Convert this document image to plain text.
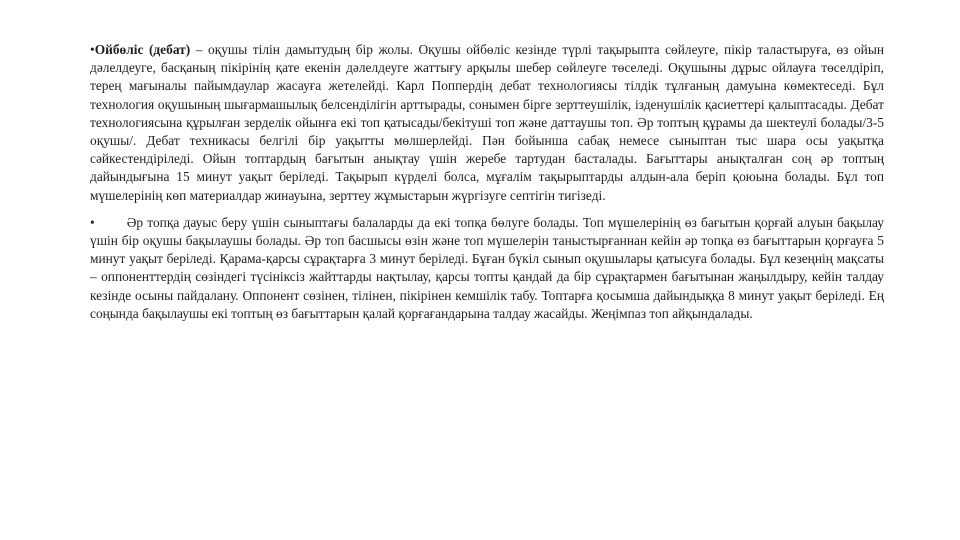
•Ойбөліс (дебат) – оқушы тілін дамытудың бір жолы. Оқушы ойбөліс кезінде түрлі тақырыпта сөйлеуге, пікір таластыруға, өз ойын дәлелдеуге, басқаның пікірінің қате екенін дәлелдеуге жаттығу арқылы шебер сөйлеуге төселеді. Оқушыны дұрыс ойлауға төселдіріп, терең мағыналы пайымдаулар жасауға жетелейді. Карл Поппердің дебат технологиясы тілдік тұлғаның дамуына көмектеседі. Бұл технология оқушының шығармашылық белсенділігін арттырады, сонымен бірге зерттеушілік, ізденушілік қасиеттері қалыптасады. Дебат технологиясына құрылған зерделік ойынға екі топ қатысады/бекітуші топ және даттаушы топ. Әр топтың құрамы да шектеулі болады/3-5 оқушы/. Дебат техникасы белгілі бір уақытты мөлшерлейді. Пән бойынша сабақ немесе сыныптан тыс шара осы уақытқа сәйкестендіріледі. Ойын топтардың бағытын анықтау үшін жеребе тартудан басталады. Бағыттары анықталған соң әр топтың дайындығына 15 минут уақыт беріледі. Тақырып күрделі болса, мұғалім тақырыптарды алдын-ала беріп қоюына болады. Бұл топ мүшелерінің көп материалдар жинауына, зерттеу жұмыстарын жүргізуге септігін тигізеді.

• Әр топқа дауыс беру үшін сыныптағы балаларды да екі топқа бөлуге болады. Топ мүшелерінің өз бағытын қорғай алуын бақылау үшін бір оқушы бақылаушы болады. Әр топ басшысы өзін және топ мүшелерін таныстырғаннан кейін әр топқа өз бағыттарын қорғауға 5 минут уақыт беріледі. Қарама-қарсы сұрақтарға 3 минут беріледі. Бұған бүкіл сынып оқушылары қатысуға болады. Бұл кезеңнің мақсаты – оппоненттердің сөзіндегі түсініксіз жайттарды нақтылау, қарсы топты қандай да бір сұрақтармен бағытынан жаңылдыру, кейін талдау кезінде осыны пайдалану. Оппонент сөзінен, тілінен, пікірінен кемшілік табу. Топтарға қосымша дайындыққа 8 минут уақыт беріледі. Ең соңында бақылаушы екі топтың өз бағыттарын қалай қорғағандарына талдау жасайды. Жеңімпаз топ айқындалады.
